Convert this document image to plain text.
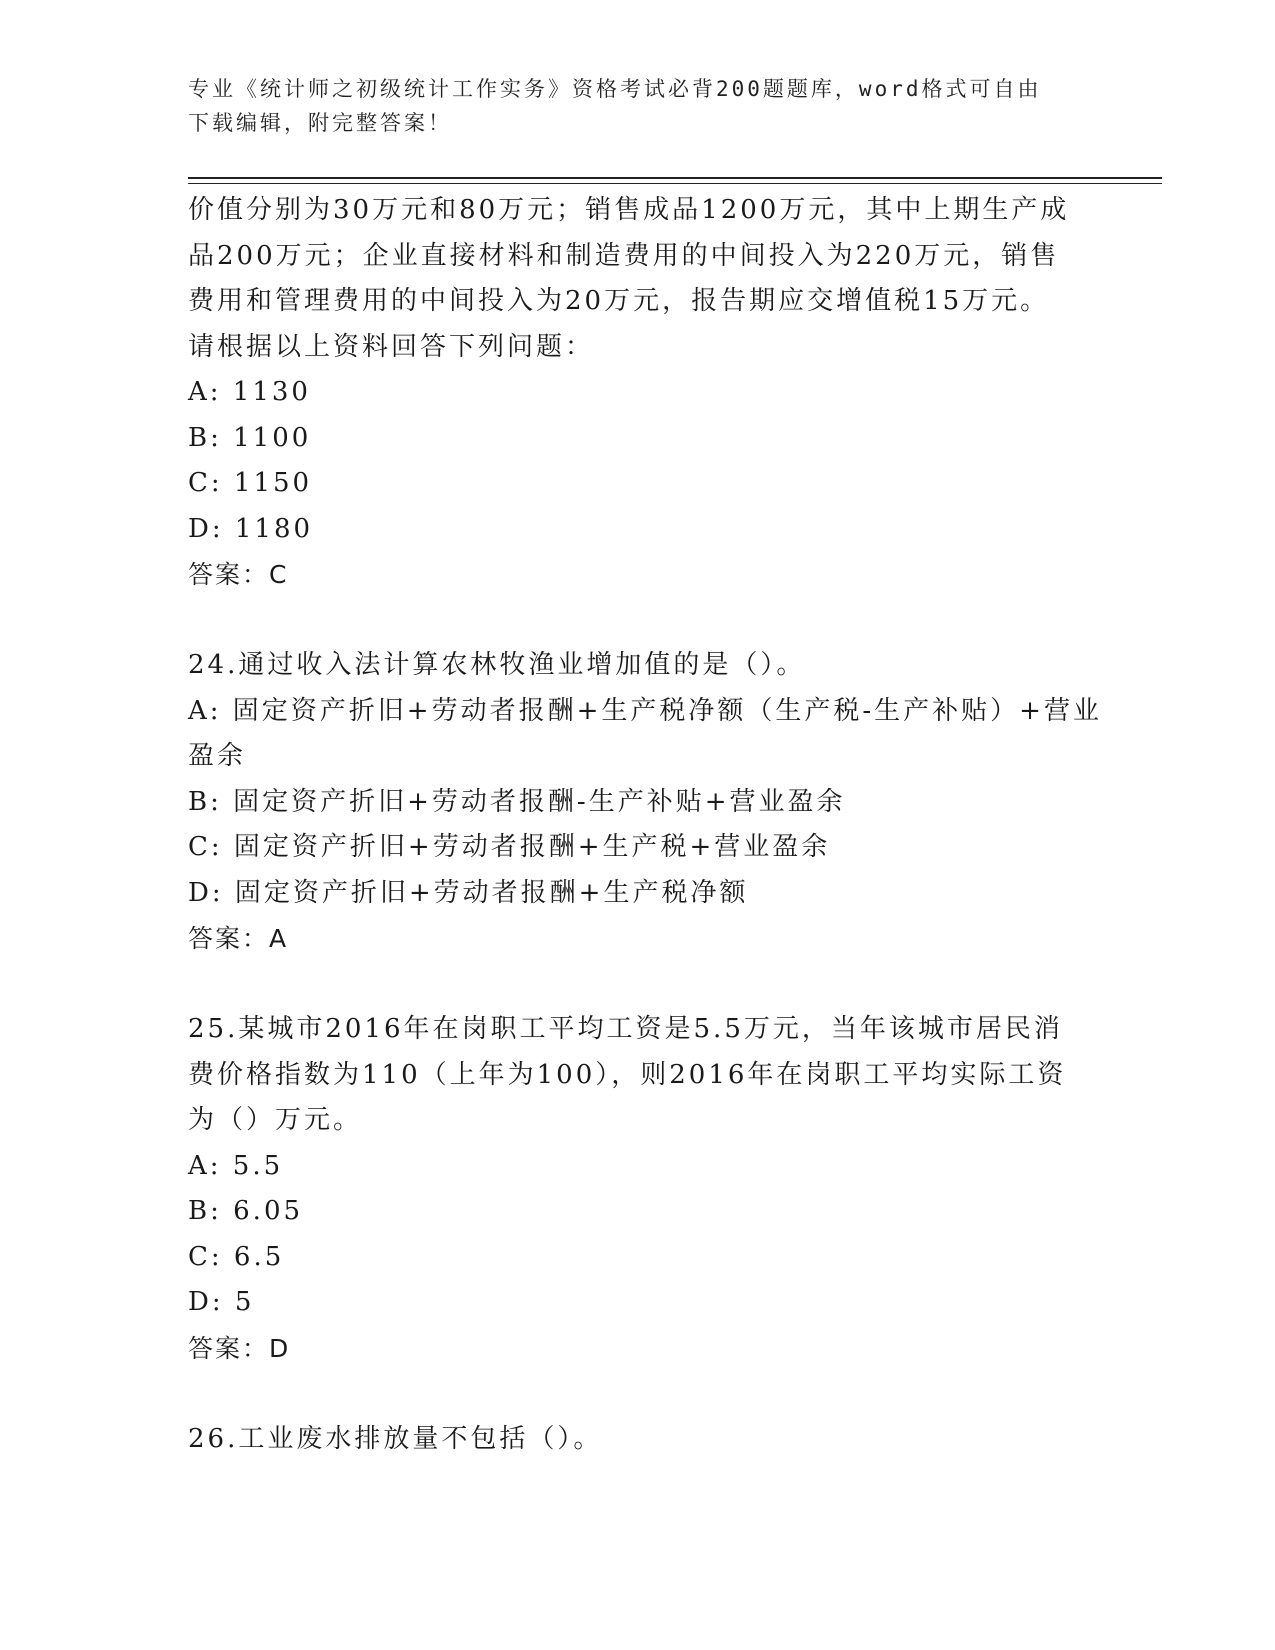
专业《统计师之初级统计工作实务》资格考试必背200题题库，word格式可自由
下载编辑，附完整答案！
价值分别为30万元和80万元；销售成品1200万元，其中上期生产成
品200万元；企业直接材料和制造费用的中间投入为220万元，销售
费用和管理费用的中间投入为20万元，报告期应交增值税15万元。
请根据以上资料回答下列问题：
A: 1130
B: 1100
C: 1150
D: 1180
答案：C
24.通过收入法计算农林牧渔业增加值的是（）。
A: 固定资产折旧+劳动者报酬+生产税净额（生产税-生产补贴）+营业
盈余
B: 固定资产折旧+劳动者报酬-生产补贴+营业盈余
C: 固定资产折旧+劳动者报酬+生产税+营业盈余
D: 固定资产折旧+劳动者报酬+生产税净额
答案：A
25.某城市2016年在岗职工平均工资是5.5万元，当年该城市居民消
费价格指数为110（上年为100），则2016年在岗职工平均实际工资
为（）万元。
A: 5.5
B: 6.05
C: 6.5
D: 5
答案：D
26.工业废水排放量不包括（）。
